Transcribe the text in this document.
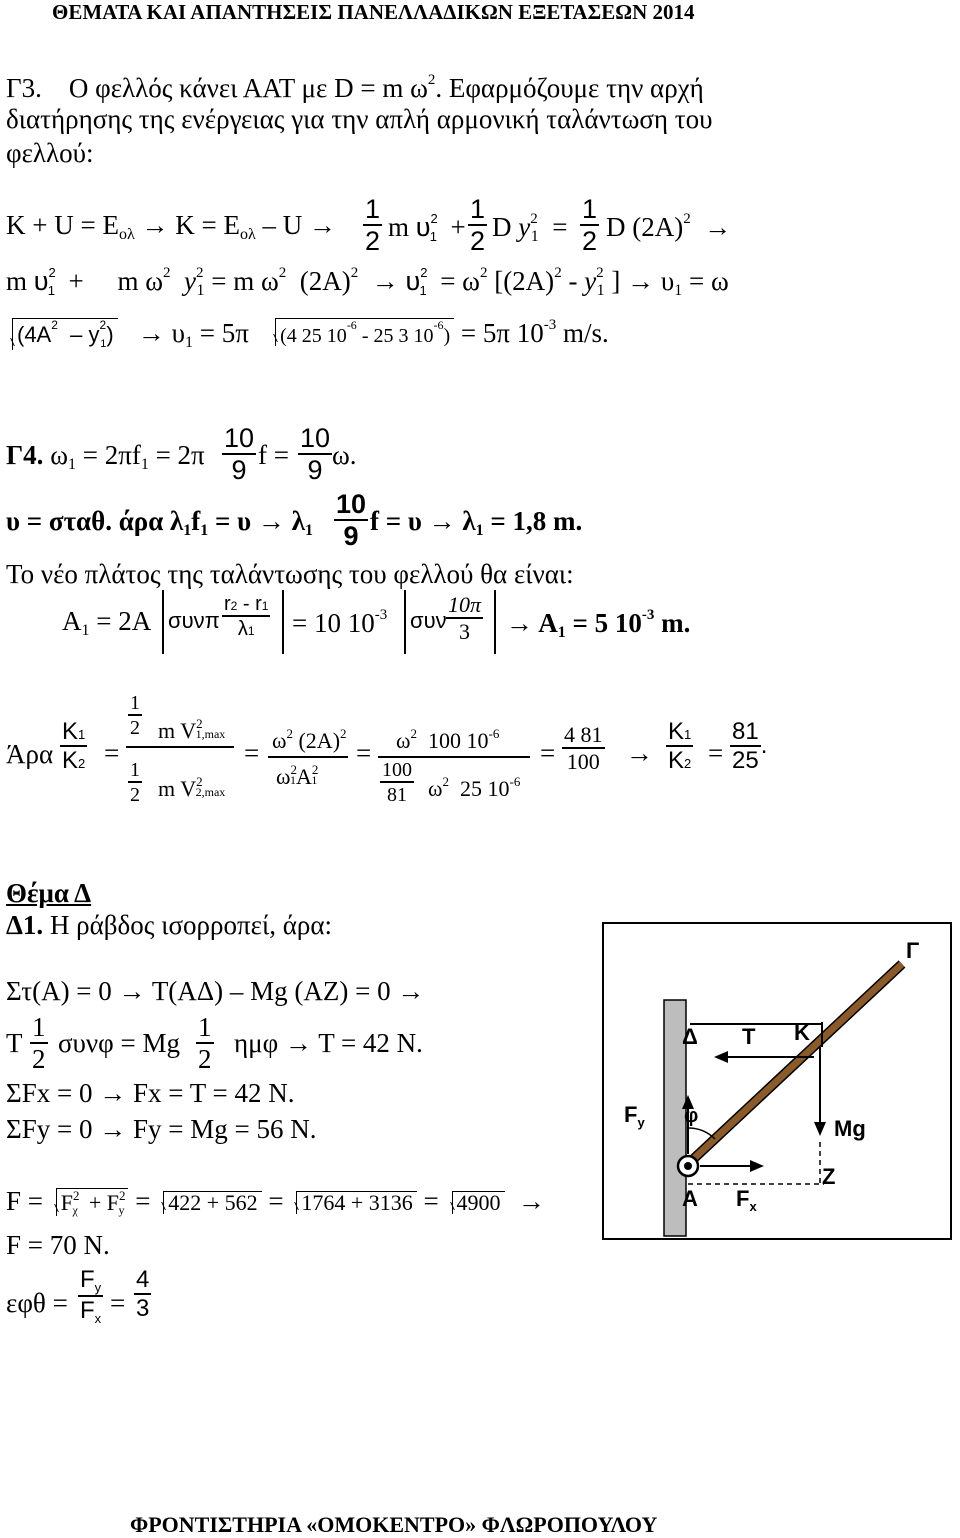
ΘΕΜΑΤΑ ΚΑΙ ΑΠΑΝΤΗΣΕΙΣ ΠΑΝΕΛΛΑΔΙΚΩΝ ΕΞΕΤΑΣΕΩΝ 2014
Γ3. Ο φελλός κάνει ΑΑΤ με D = m $\omega^2$. Εφαρμόζουμε την αρχή
διατήρησης της ενέργειας για την απλή αρμονική ταλάντωση του
φελλού:
$K + U = E_{o\lambda} \to K = E_{o\lambda} - U \to \frac{1}{2}$ m $\upsilon^2_1 + \frac{1}{2}$ D $y^2_1 = \frac{1}{2}$ D $(2A)^2$  →
m $\upsilon^2_1$  +     m $\omega^2$ $y^2_1 = m$ $\omega^2$  $(2A)^2 \to \upsilon^2_1 = \omega^2$ [$(2A)^2 - y^2_1$ ] → $\upsilon_1 = \omega$
$(4A^2 - y^2_1) \to \upsilon_1 = 5\pi$   (4 25 $10^{-6} - 25$ 3 $10^{-6}) = 5\pi$ $10^{-3}$ m/s.
Γ4. $\omega_1 = 2\pi f_1 = 2\pi \frac{10}{9}$ $f = \frac{10}{9} \omega$.
υ = σταθ. άρα $\lambda_1f_1 = \upsilon \to \lambda_1 \frac{10}{9}$ $f = \upsilon \to \lambda_1 = 1,8$ m.
Το νέο πλάτος της ταλάντωσης του φελλού θα είναι:
$A_1 = 2A$ συνπ $\frac{r2 - r1}{\lambda 1} = 10$ $10^{-3}$ συν $\frac{10\pi}{3} \to A_1 = 5$ $10^{-3}$ m.
Άρα $\frac{K1}{K2}$ =
$\frac{1}{2}$ m $V^21,\max$
$\frac{1}{2}$ m $V^22,\max$
= $\omega^2$ $(2A)^2$
$\omega^21A^21$
= $\omega^2$  100 $10^{-6}$
$\frac{100}{81} \omega^2$  25 $10^{-6}$
= $\frac{4 81}{100} \to \frac{K1}{K2} = \frac{81}{25}$ .
Θέμα Δ
Δ1. Η ράβδος ισορροπεί, άρα:
Στ(Α) = 0 → Τ(ΑΔ) – Mg (ΑΖ) = 0 →
Τ $\frac{1}{2}$ συνφ = Mg $\frac{1}{2}$ ημφ → Τ = 42 Ν.
ΣFx = 0 → Fx = T = 42 N.
ΣFy = 0 → Fy = Mg = 56 N.
$F = F^2\chi + F^2y = 422 + 562 = 1764 + 3136 = 4900$  →
F = 70 N.
$\varepsilon\varphi\theta = \frac{F_y}{F_x} = \frac{4}{3}$
Γ
Δ Τ Κ
$F_y$ φ	Mg
Z
A $F_x$
ΦΡΟΝΤΙΣΤΗΡΙΑ «ΟΜΟΚΕΝΤΡΟ» ΦΛΩΡΟΠΟΥΛΟΥ
